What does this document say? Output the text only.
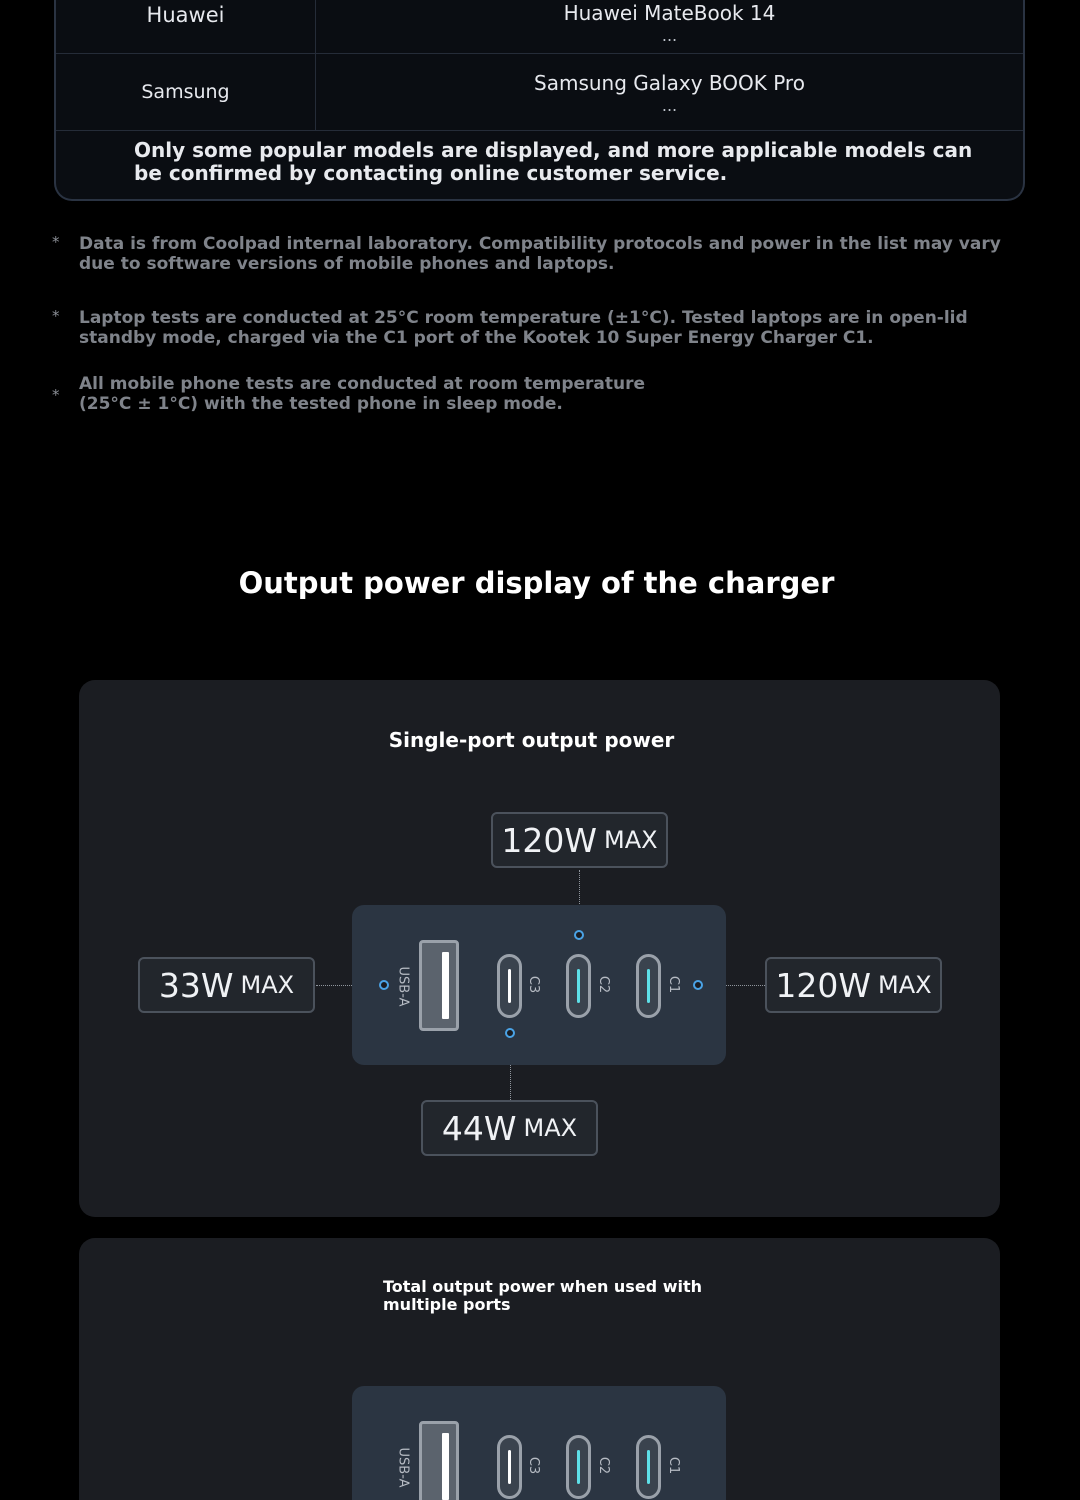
Huawei	Huawei MateBook 14
...
Samsung	Samsung Galaxy BOOK Pro
...
Only some popular models are displayed, and more applicable models can be confirmed by contacting online customer service.
* Data is from Coolpad internal laboratory. Compatibility protocols and power in the list may vary due to software versions of mobile phones and laptops.

* Laptop tests are conducted at 25°C room temperature (±1°C). Tested laptops are in open-lid standby mode, charged via the C1 port of the Kootek 10 Super Energy Charger C1.

*

All mobile phone tests are conducted at room temperature (25°C ± 1°C) with the tested phone in sleep mode.

Output power display of the charger
Single-port output power
120W MAX
33W MAX	120W MAX
44W MAX
USB-A	C3	C2	C1
Total output power when used with multiple ports
USB-A	C3	C2	C1
